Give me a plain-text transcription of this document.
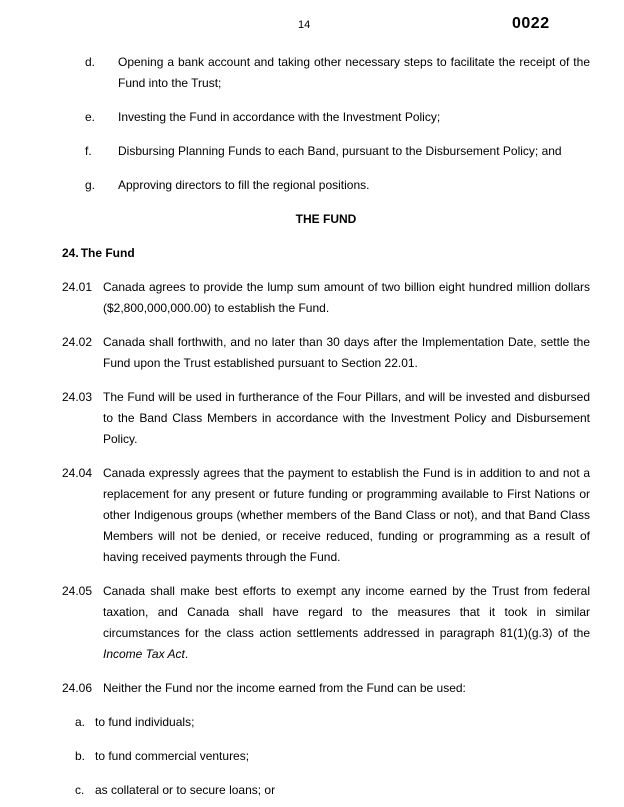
14	0022
d.	Opening a bank account and taking other necessary steps to facilitate the receipt of the Fund into the Trust;
e.	Investing the Fund in accordance with the Investment Policy;
f.	Disbursing Planning Funds to each Band, pursuant to the Disbursement Policy; and
g.	Approving directors to fill the regional positions.
THE FUND
24. The Fund
24.01 Canada agrees to provide the lump sum amount of two billion eight hundred million dollars ($2,800,000,000.00) to establish the Fund.
24.02 Canada shall forthwith, and no later than 30 days after the Implementation Date, settle the Fund upon the Trust established pursuant to Section 22.01.
24.03 The Fund will be used in furtherance of the Four Pillars, and will be invested and disbursed to the Band Class Members in accordance with the Investment Policy and Disbursement Policy.
24.04 Canada expressly agrees that the payment to establish the Fund is in addition to and not a replacement for any present or future funding or programming available to First Nations or other Indigenous groups (whether members of the Band Class or not), and that Band Class Members will not be denied, or receive reduced, funding or programming as a result of having received payments through the Fund.
24.05 Canada shall make best efforts to exempt any income earned by the Trust from federal taxation, and Canada shall have regard to the measures that it took in similar circumstances for the class action settlements addressed in paragraph 81(1)(g.3) of the Income Tax Act.
24.06 Neither the Fund nor the income earned from the Fund can be used:
a. to fund individuals;
b. to fund commercial ventures;
c. as collateral or to secure loans; or
